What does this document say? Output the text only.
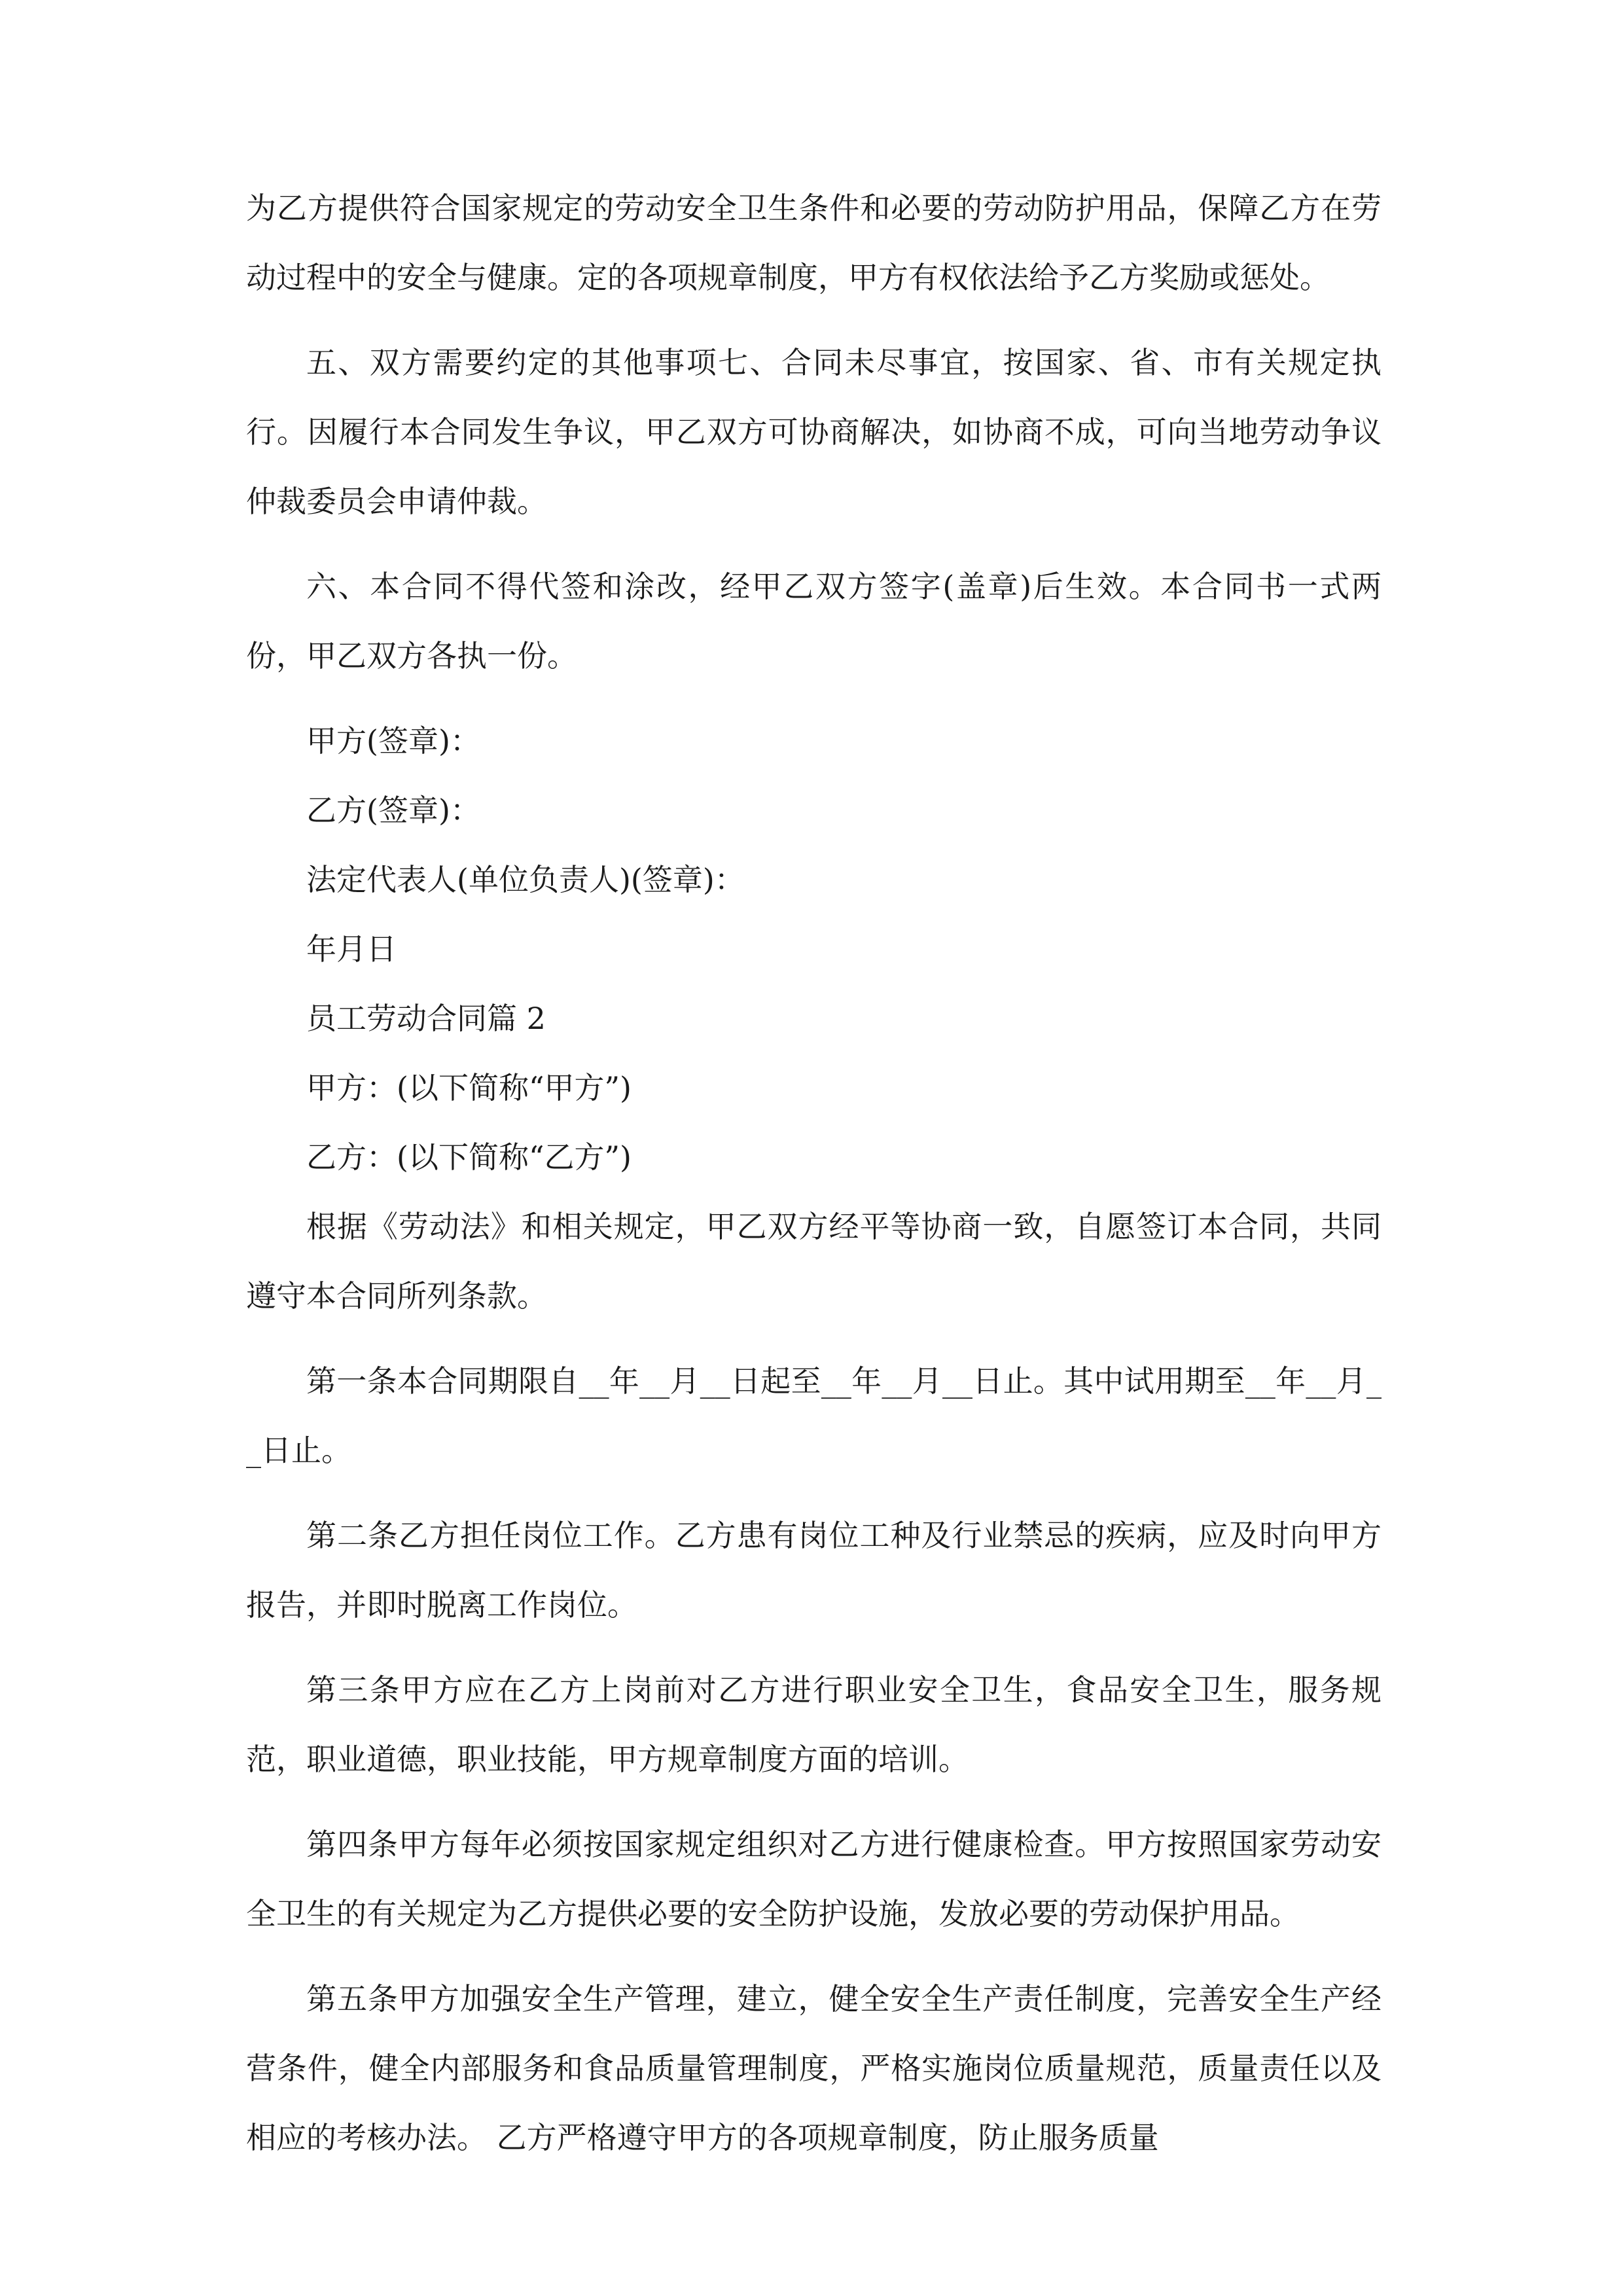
为乙方提供符合国家规定的劳动安全卫生条件和必要的劳动防护用品，保障乙方在劳动过程中的安全与健康。定的各项规章制度，甲方有权依法给予乙方奖励或惩处。

五、双方需要约定的其他事项七、合同未尽事宜，按国家、省、市有关规定执行。因履行本合同发生争议，甲乙双方可协商解决，如协商不成，可向当地劳动争议仲裁委员会申请仲裁。

六、本合同不得代签和涂改，经甲乙双方签字(盖章)后生效。本合同书一式两份，甲乙双方各执一份。

甲方(签章)：

乙方(签章)：

法定代表人(单位负责人)(签章)：

年月日

员工劳动合同篇 2

甲方：(以下简称“甲方”)

乙方：(以下简称“乙方”)

根据《劳动法》和相关规定，甲乙双方经平等协商一致，自愿签订本合同，共同遵守本合同所列条款。

第一条本合同期限自__年__月__日起至__年__月__日止。其中试用期至__年__月__日止。

第二条乙方担任岗位工作。乙方患有岗位工种及行业禁忌的疾病，应及时向甲方报告，并即时脱离工作岗位。

第三条甲方应在乙方上岗前对乙方进行职业安全卫生，食品安全卫生，服务规范，职业道德，职业技能，甲方规章制度方面的培训。

第四条甲方每年必须按国家规定组织对乙方进行健康检查。甲方按照国家劳动安全卫生的有关规定为乙方提供必要的安全防护设施，发放必要的劳动保护用品。

第五条甲方加强安全生产管理，建立，健全安全生产责任制度，完善安全生产经营条件，健全内部服务和食品质量管理制度，严格实施岗位质量规范，质量责任以及相应的考核办法。 乙方严格遵守甲方的各项规章制度，防止服务质量
